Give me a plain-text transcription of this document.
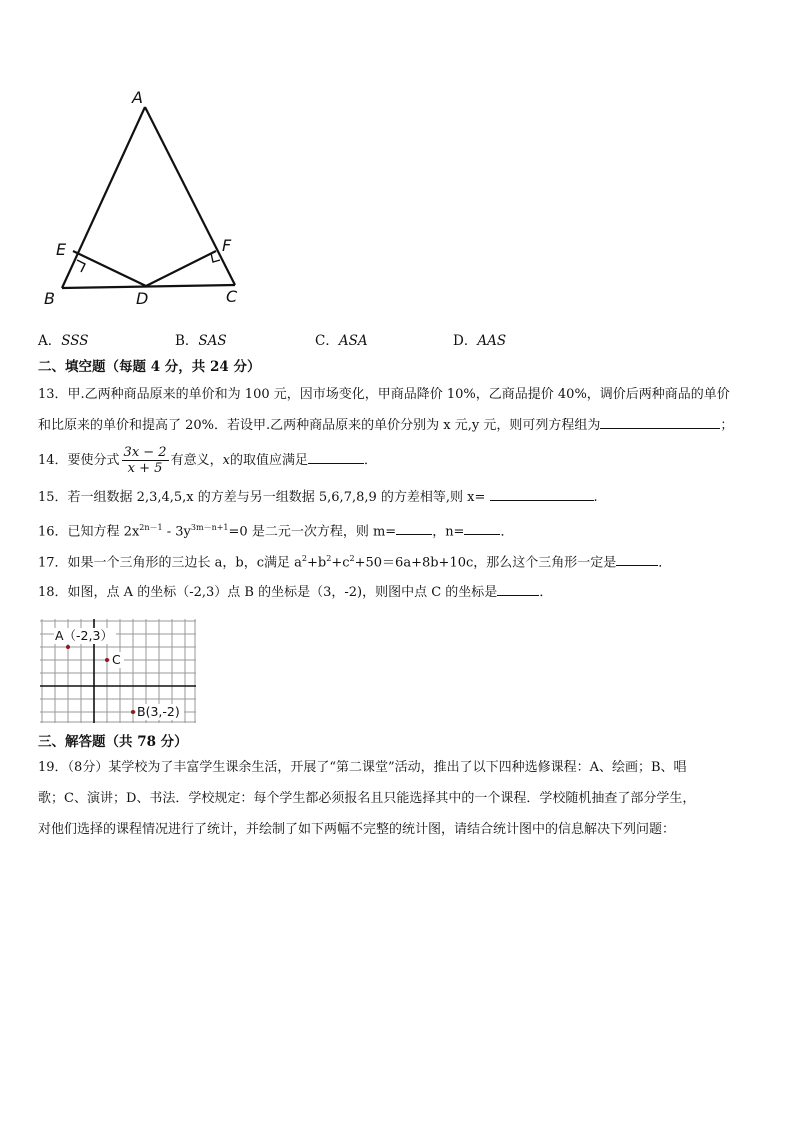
A
E	F
B	D	C
A．SSS	B．SAS	C．ASA	D．AAS
二、填空题（每题 4 分，共 24 分）
13．甲.乙两种商品原来的单价和为 100 元，因市场变化，甲商品降价 10%，乙商品提价 40%，调价后两种商品的单价
和比原来的单价和提高了 20%．若设甲.乙两种商品原来的单价分别为 x 元,y 元，则可列方程组为	；
14．要使分式 $\frac{3x - 2}{x + 5}$ 有意义，x的取值应满足	．
15．若一组数据 2,3,4,5,x 的方差与另一组数据 5,6,7,8,9 的方差相等,则 x=	.
16．已知方程 $2x^{2n-1} - 3y^{3m-n+1}=0$ 是二元一次方程，则 m=	，n=	．
17．如果一个三角形的三边长 a，b，c满足 $a^2+b^2+c^2+50=6a+8b+10c$，那么这个三角形一定是	．
18．如图，点 A 的坐标（-2,3）点 B 的坐标是（3，-2)，则图中点 C 的坐标是	．
A（-2,3）
C
B(3,-2)
三、解答题（共 78 分）
19．（8分）某学校为了丰富学生课余生活，开展了“第二课堂”活动，推出了以下四种选修课程：A、绘画；B、唱
歌；C、演讲；D、书法．学校规定：每个学生都必须报名且只能选择其中的一个课程．学校随机抽查了部分学生，
对他们选择的课程情况进行了统计，并绘制了如下两幅不完整的统计图，请结合统计图中的信息解决下列问题：
